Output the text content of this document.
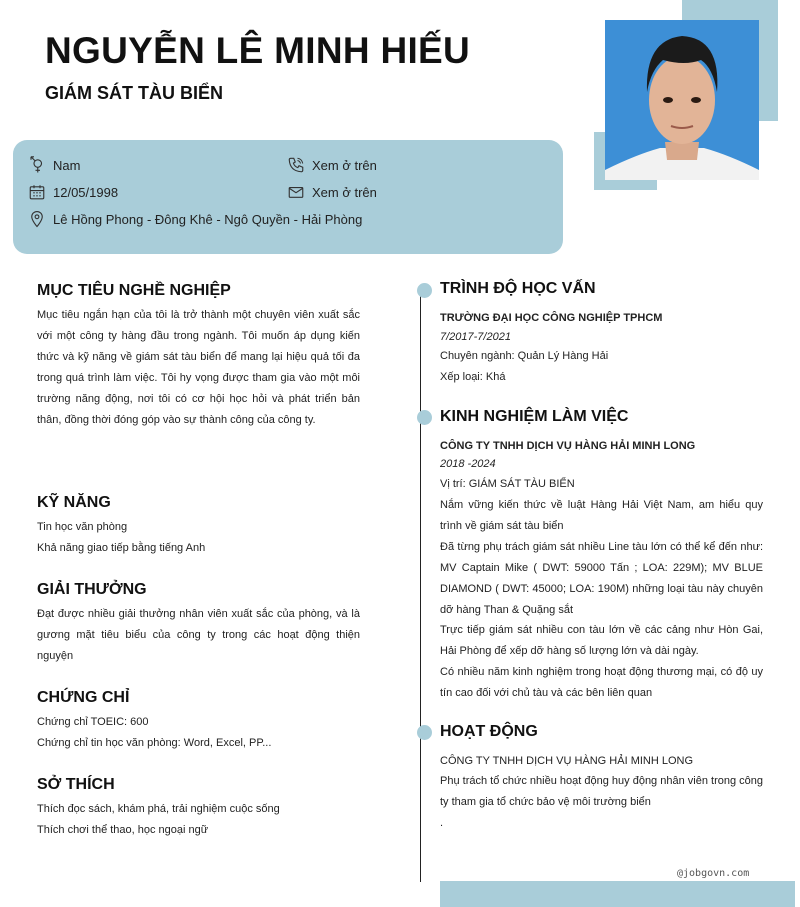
NGUYỄN LÊ MINH HIẾU
GIÁM SÁT TÀU BIỂN
Nam
12/05/1998
Lê Hồng Phong - Đông Khê - Ngô Quyền - Hải Phòng
Xem ở trên
Xem ở trên
MỤC TIÊU NGHỀ NGHIỆP
Mục tiêu ngắn hạn của tôi là trở thành một chuyên viên xuất sắc với một công ty hàng đầu trong ngành. Tôi muốn áp dụng kiến thức và kỹ năng về giám sát tàu biển để mang lại hiệu quả tối đa trong quá trình làm việc. Tôi hy vọng được tham gia vào một môi trường năng động, nơi tôi có cơ hội học hỏi và phát triển bản thân, đồng thời đóng góp vào sự thành công của công ty.
KỸ NĂNG
Tin học văn phòng
Khả năng giao tiếp bằng tiếng Anh
GIẢI THƯỞNG
Đạt được nhiều giải thưởng nhân viên xuất sắc của phòng, và là gương mặt tiêu biểu của công ty trong các hoạt động thiện nguyện
CHỨNG CHỈ
Chứng chỉ TOEIC: 600
Chứng chỉ tin học văn phòng: Word, Excel, PP...
SỞ THÍCH
Thích đọc sách, khám phá, trải nghiệm cuộc sống
Thích chơi thể thao, học ngoại ngữ
TRÌNH ĐỘ HỌC VẤN
TRƯỜNG ĐẠI HỌC CÔNG NGHIỆP TPHCM
7/2017-7/2021
Chuyên ngành: Quản Lý Hàng Hải
Xếp loại: Khá
KINH NGHIỆM LÀM VIỆC
CÔNG TY TNHH DỊCH VỤ HÀNG HẢI MINH LONG
2018 -2024
Vị trí: GIÁM SÁT TÀU BIỂN
Nắm vững kiến thức về luật Hàng Hải Việt Nam, am hiểu quy trình về giám sát tàu biển
Đã từng phụ trách giám sát nhiều Line tàu lớn có thể kể đến như: MV Captain Mike ( DWT: 59000 Tấn ; LOA: 229M); MV BLUE DIAMOND ( DWT: 45000; LOA: 190M) những loại tàu này chuyên dỡ hàng Than & Quặng sắt
Trực tiếp giám sát nhiều con tàu lớn về các cảng như Hòn Gai, Hải Phòng để xếp dỡ hàng số lượng lớn và dài ngày.
Có nhiều năm kinh nghiệm trong hoạt động thương mại, có độ uy tín cao đối với chủ tàu và các bên liên quan
HOẠT ĐỘNG
CÔNG TY TNHH DỊCH VỤ HÀNG HẢI MINH LONG
Phụ trách tổ chức nhiều hoạt động huy động nhân viên trong công ty tham gia tổ chức bảo vệ môi trường biển
.
@jobgovn.com
